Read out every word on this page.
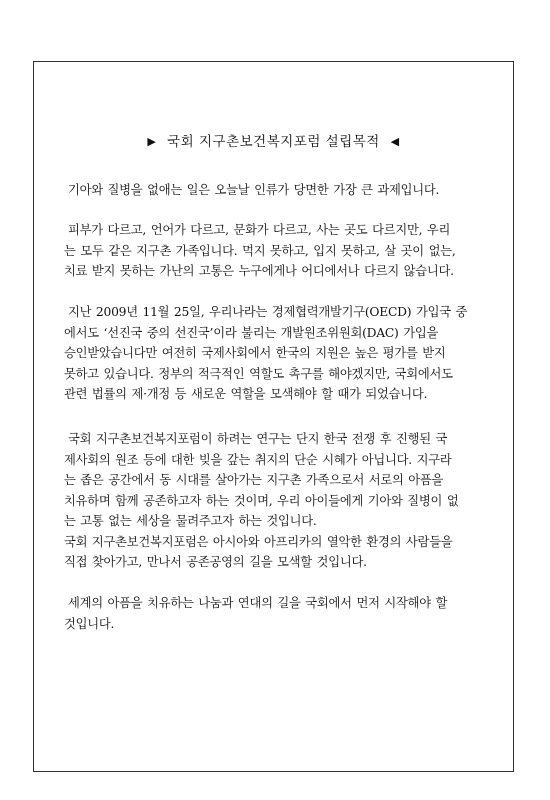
▶ 국회 지구촌보건복지포럼 설립목적 ◀
기아와 질병을 없애는 일은 오늘날 인류가 당면한 가장 큰 과제입니다.
피부가 다르고, 언어가 다르고, 문화가 다르고, 사는 곳도 다르지만, 우리
는 모두 같은 지구촌 가족입니다. 먹지 못하고, 입지 못하고, 살 곳이 없는,
치료 받지 못하는 가난의 고통은 누구에게나 어디에서나 다르지 않습니다.
지난 2009년 11월 25일, 우리나라는 경제협력개발기구(OECD) 가입국 중
에서도 ‘선진국 중의 선진국’이라 불리는 개발원조위원회(DAC) 가입을
승인받았습니다만 여전히 국제사회에서 한국의 지원은 높은 평가를 받지
못하고 있습니다. 정부의 적극적인 역할도 촉구를 해야겠지만, 국회에서도
관련 법률의 제·개정 등 새로운 역할을 모색해야 할 때가 되었습니다.
국회 지구촌보건복지포럼이 하려는 연구는 단지 한국 전쟁 후 진행된 국
제사회의 원조 등에 대한 빚을 갚는 취지의 단순 시혜가 아닙니다. 지구라
는 좁은 공간에서 동 시대를 살아가는 지구촌 가족으로서 서로의 아픔을
치유하며 함께 공존하고자 하는 것이며, 우리 아이들에게 기아와 질병이 없
는 고통 없는 세상을 물려주고자 하는 것입니다.
국회 지구촌보건복지포럼은 아시아와 아프리카의 열악한 환경의 사람들을
직접 찾아가고, 만나서 공존공영의 길을 모색할 것입니다.
세계의 아픔을 치유하는 나눔과 연대의 길을 국회에서 먼저 시작해야 할
것입니다.
